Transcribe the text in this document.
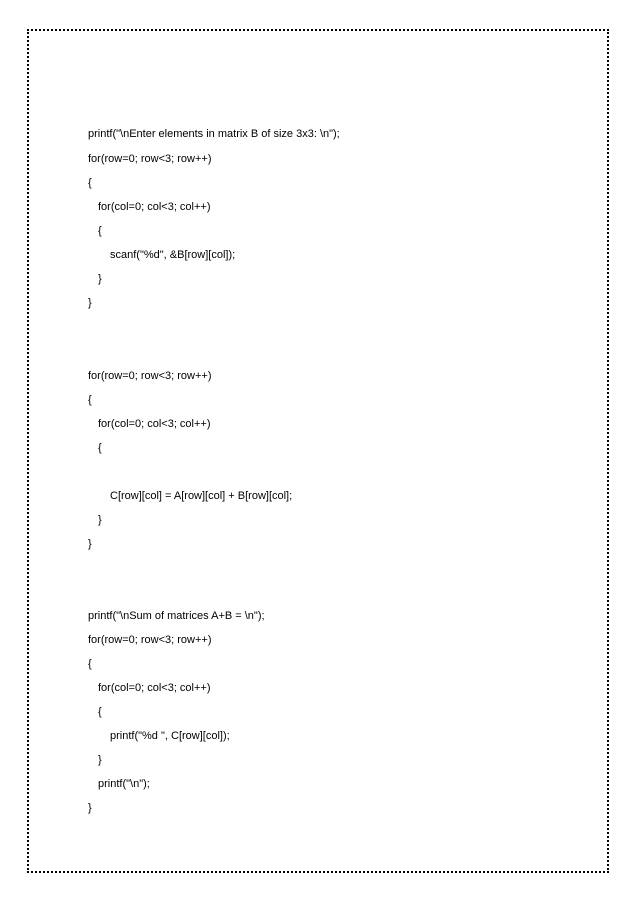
printf("\nEnter elements in matrix B of size 3x3: \n");

for(row=0; row<3; row++)

{

for(col=0; col<3; col++)

{

scanf("%d", &B[row][col]);

}

}

for(row=0; row<3; row++)

{

for(col=0; col<3; col++)

{

C[row][col] = A[row][col] + B[row][col];

}

}

printf("\nSum of matrices A+B = \n");

for(row=0; row<3; row++)

{

for(col=0; col<3; col++)

{

printf("%d ", C[row][col]);

}

printf("\n");

}
